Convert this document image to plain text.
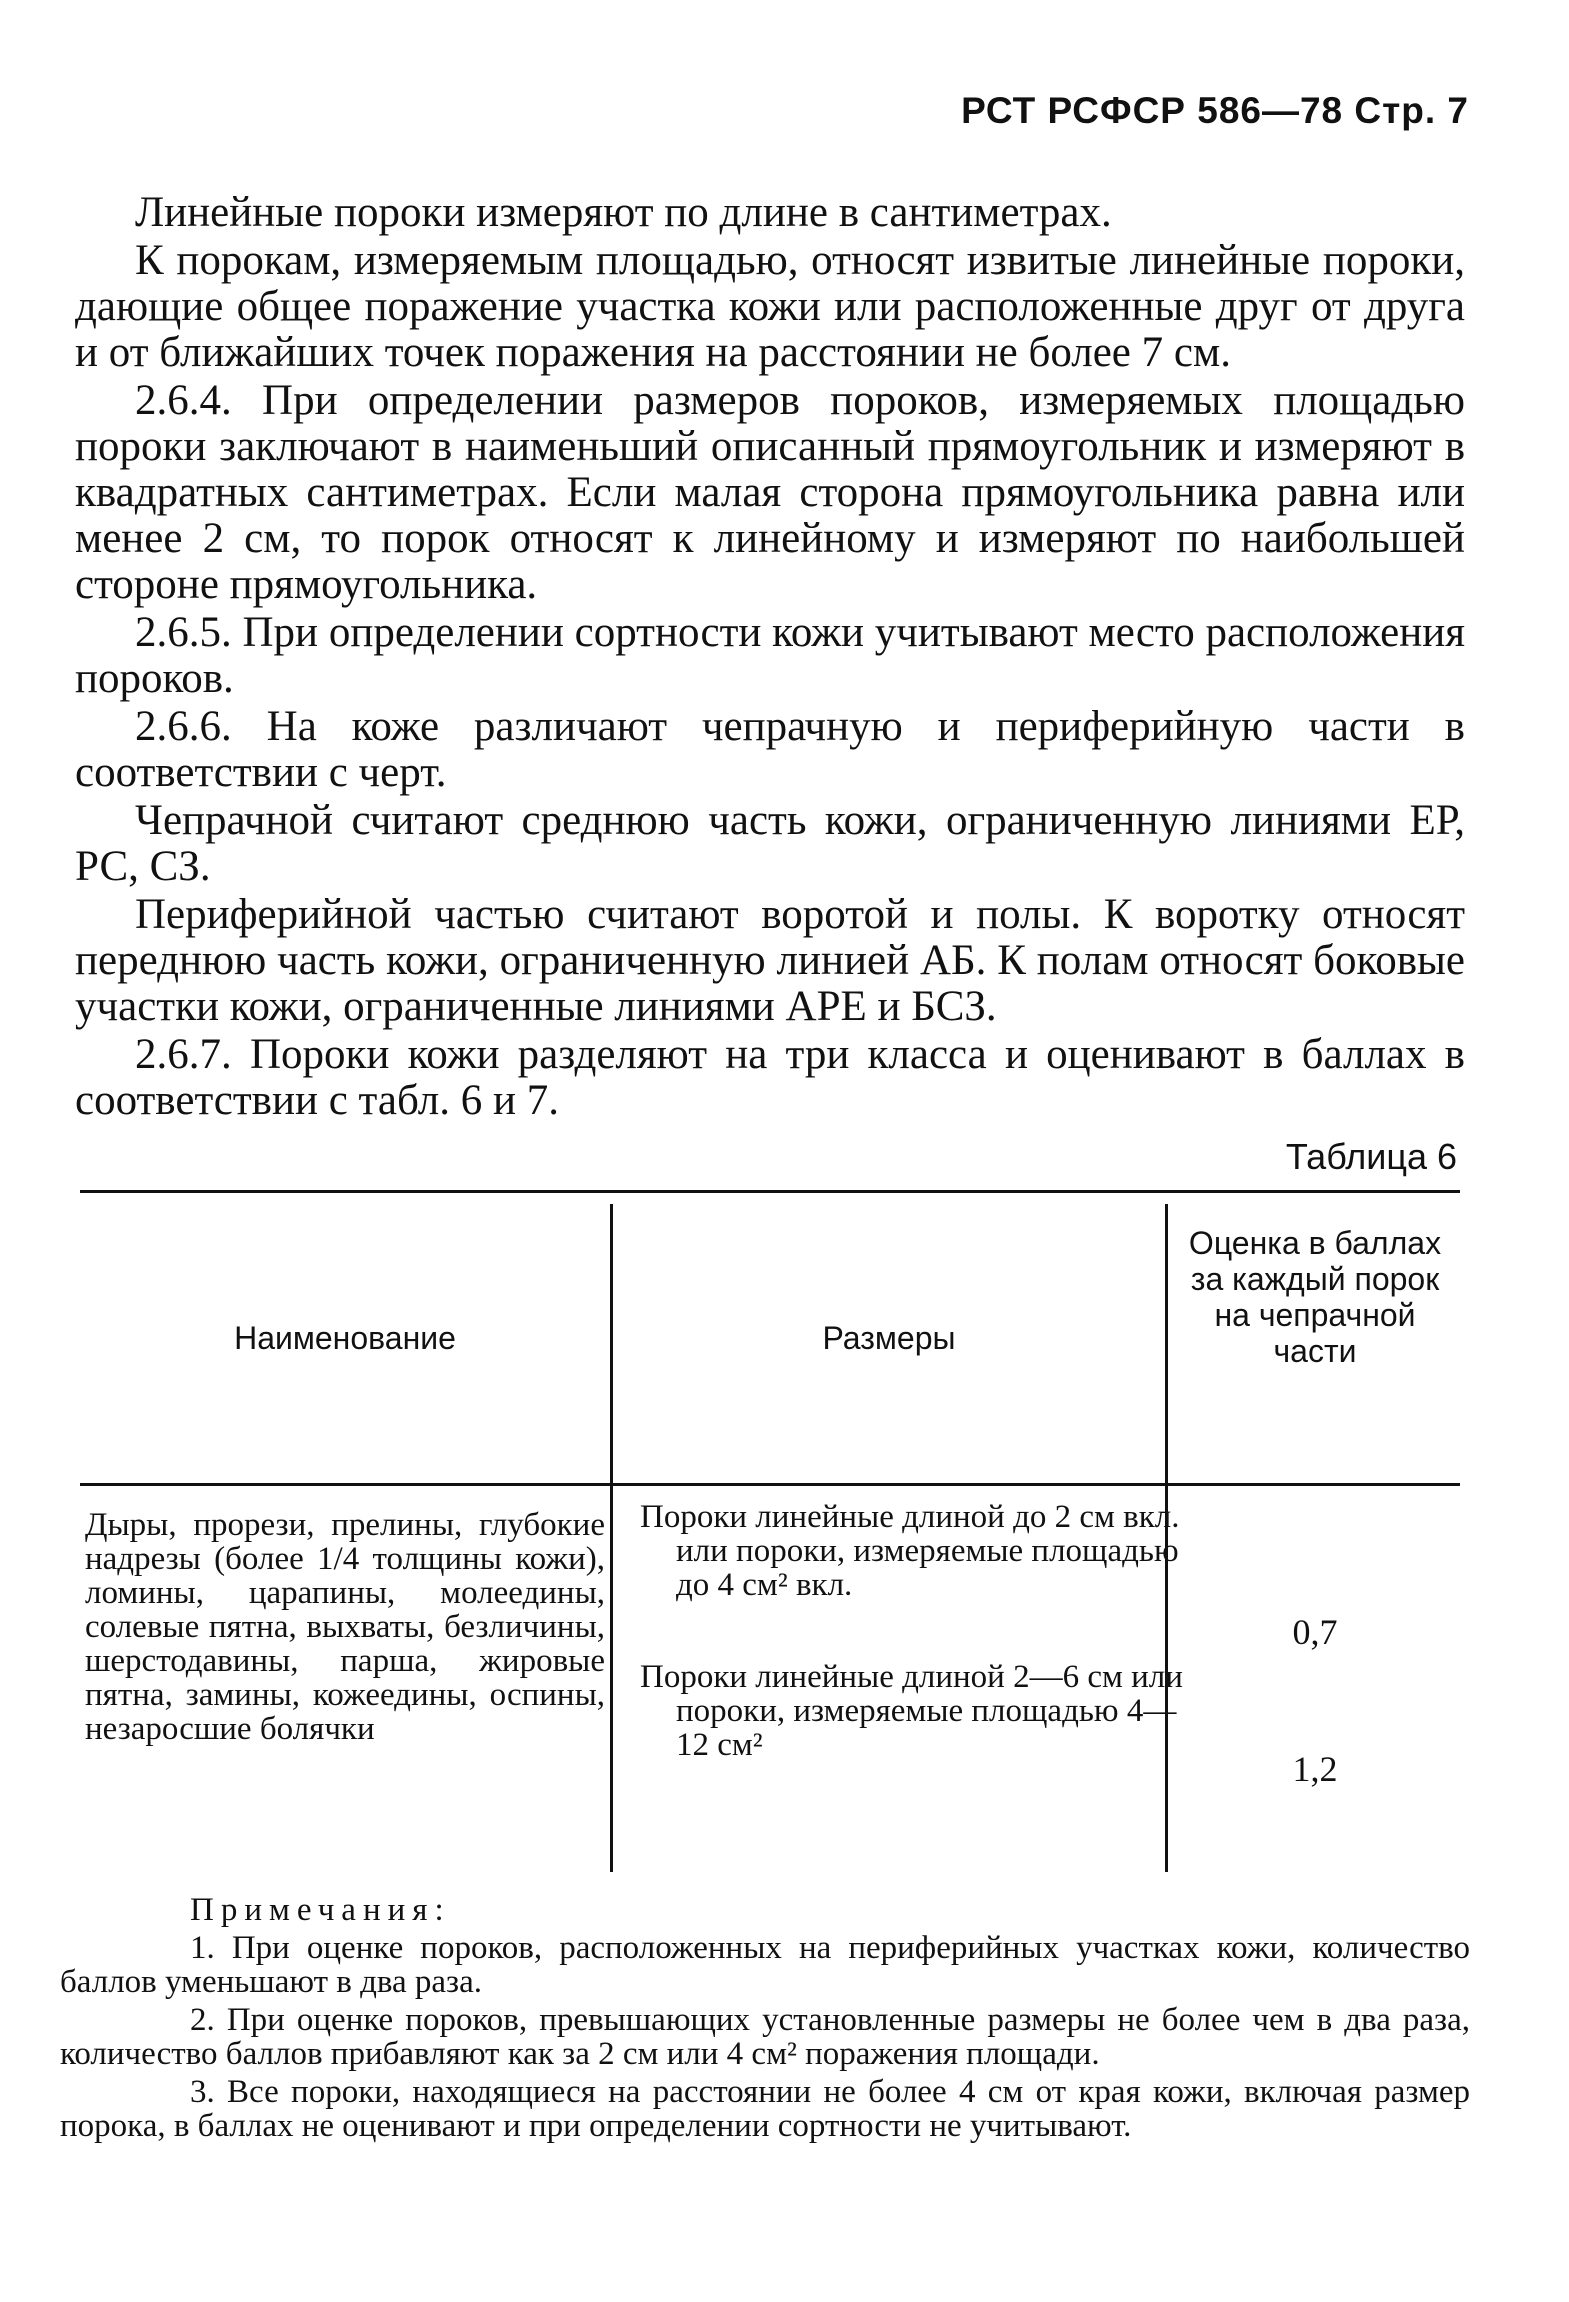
РСТ РСФСР 586—78 Стр. 7

Линейные пороки измеряют по длине в сантиметрах.

К порокам, измеряемым площадью, относят извитые линейные пороки, дающие общее поражение участка кожи или расположенные друг от друга и от ближайших точек поражения на расстоянии не более 7 см.

2.6.4. При определении размеров пороков, измеряемых площадью пороки заключают в наименьший описанный прямоугольник и измеряют в квадратных сантиметрах. Если малая сторона прямоугольника равна или менее 2 см, то порок относят к линейному и измеряют по наибольшей стороне прямоугольника.

2.6.5. При определении сортности кожи учитывают место расположения пороков.

2.6.6. На коже различают чепрачную и периферийную части в соответствии с черт.

Чепрачной считают среднюю часть кожи, ограниченную линиями ЕР, РС, СЗ.

Периферийной частью считают воротой и полы. К воротку относят переднюю часть кожи, ограниченную линией АБ. К полам относят боковые участки кожи, ограниченные линиями АРЕ и БСЗ.

2.6.7. Пороки кожи разделяют на три класса и оценивают в баллах в соответствии с табл. 6 и 7.

Таблица 6
Наименование	Размеры
Оценка в баллах за каждый порок на чепрачной части
Дыры, прорези, прелины, глубокие надрезы (более 1/4 толщины кожи), ломины, царапины, молеедины, солевые пятна, выхваты, безличины, шерстодавины, парша, жировые пятна, замины, кожеедины, оспины, незаросшие болячки
Пороки линейные длиной до 2 см вкл. или пороки, измеряемые площадью до 4 см² вкл.
0,7
Пороки линейные длиной 2—6 см или пороки, измеряемые площадью 4—12 см²
1,2
Примечания:
1. При оценке пороков, расположенных на периферийных участках кожи, количество баллов уменьшают в два раза.
2. При оценке пороков, превышающих установленные размеры не более чем в два раза, количество баллов прибавляют как за 2 см или 4 см² поражения площади.
3. Все пороки, находящиеся на расстоянии не более 4 см от края кожи, включая размер порока, в баллах не оценивают и при определении сортности не учитывают.
